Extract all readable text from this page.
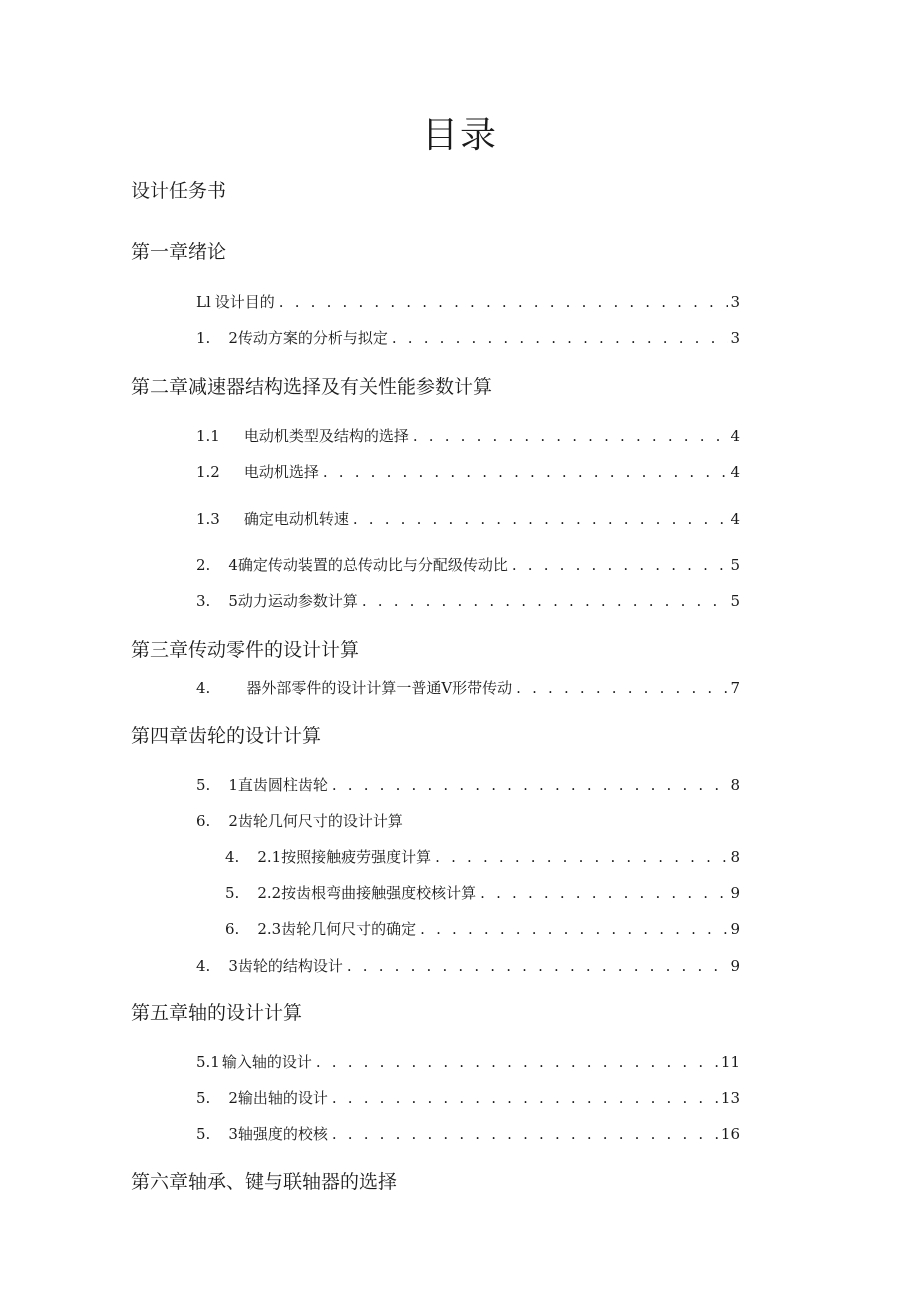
目录
设计任务书
第一章绪论
Ll 设计目的 . . .	3
1. 2传动方案的分析与拟定 . . .	3
第二章减速器结构选择及有关性能参数计算
1.1 电动机类型及结构的选择 . . .	4
1.2 电动机选择 . . .	4
1.3 确定电动机转速 . . .	4
2. 4确定传动装置的总传动比与分配级传动比 . . .	5
3. 5动力运动参数计算 . . .	5
第三章传动零件的设计计算
4. 器外部零件的设计计算一普通V形带传动 . . .	7
第四章齿轮的设计计算
5. 1直齿圆柱齿轮 . . .	8
6. 2齿轮几何尺寸的设计计算
4. 2.1按照接触疲劳强度计算 . . .	8
5. 2.2按齿根弯曲接触强度校核计算 . . .	9
6. 2.3齿轮几何尺寸的确定 . . .	9
4. 3齿轮的结构设计 . . .	9
第五章轴的设计计算
5.1 输入轴的设计 . . .	11
5. 2输出轴的设计 . . .	13
5. 3轴强度的校核 . . .	16
第六章轴承、键与联轴器的选择
